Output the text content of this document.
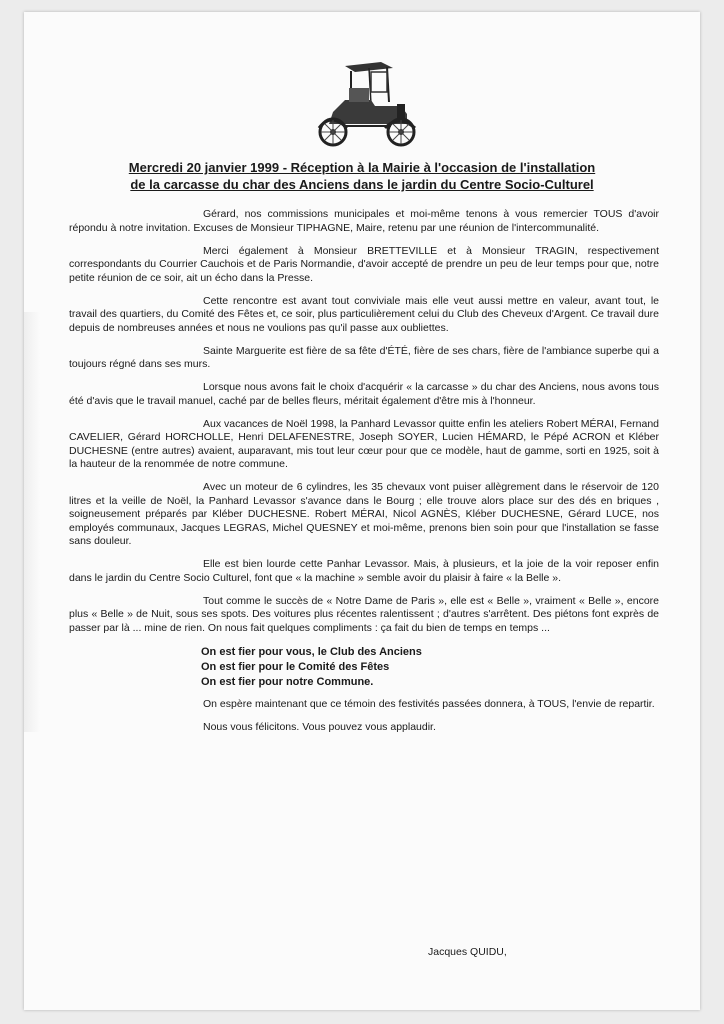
Mercredi 20 janvier 1999 - Réception à la Mairie à l'occasion de l'installation
de la carcasse du char des Anciens dans le jardin du Centre Socio-Culturel

Gérard, nos commissions municipales et moi-même tenons à vous remercier TOUS d'avoir répondu à notre invitation. Excuses de Monsieur TIPHAGNE, Maire, retenu par une réunion de l'intercommunalité.

Merci également à Monsieur BRETTEVILLE et à Monsieur TRAGIN, respectivement correspondants du Courrier Cauchois et de Paris Normandie, d'avoir accepté de prendre un peu de leur temps pour que, notre petite réunion de ce soir, ait un écho dans la Presse.

Cette rencontre est avant tout conviviale mais elle veut aussi mettre en valeur, avant tout, le travail des quartiers, du Comité des Fêtes et, ce soir, plus particulièrement celui du Club des Cheveux d'Argent. Ce travail dure depuis de nombreuses années et nous ne voulions pas qu'il passe aux oubliettes.

Sainte Marguerite est fière de sa fête d'ÉTÉ, fière de ses chars, fière de l'ambiance superbe qui a toujours régné dans ses murs.

Lorsque nous avons fait le choix d'acquérir « la carcasse » du char des Anciens, nous avons tous été d'avis que le travail manuel, caché par de belles fleurs, méritait également d'être mis à l'honneur.

Aux vacances de Noël 1998, la Panhard Levassor quitte enfin les ateliers Robert MÉRAI, Fernand CAVELIER, Gérard HORCHOLLE, Henri DELAFENESTRE, Joseph SOYER, Lucien HÉMARD, le Pépé ACRON et Kléber DUCHESNE (entre autres) avaient, auparavant, mis tout leur cœur pour que ce modèle, haut de gamme, sorti en 1925, soit à la hauteur de la renommée de notre commune.

Avec un moteur de 6 cylindres, les 35 chevaux vont puiser allègrement dans le réservoir de 120 litres et la veille de Noël, la Panhard Levassor s'avance dans le Bourg ; elle trouve alors place sur des dés en briques , soigneusement préparés par Kléber DUCHESNE. Robert MÉRAI, Nicol AGNÈS, Kléber DUCHESNE, Gérard LUCE, nos employés communaux, Jacques LEGRAS, Michel QUESNEY et moi-même, prenons bien soin pour que l'installation se fasse sans douleur.

Elle est bien lourde cette Panhar Levassor. Mais, à plusieurs, et la joie de la voir reposer enfin dans le jardin du Centre Socio Culturel, font que « la machine » semble avoir du plaisir à faire « la Belle ».

Tout comme le succès de « Notre Dame de Paris », elle est « Belle », vraiment « Belle », encore plus « Belle » de Nuit, sous ses spots. Des voitures plus récentes ralentissent ; d'autres s'arrêtent. Des piétons font exprès de passer par là ... mine de rien. On nous fait quelques compliments : ça fait du bien de temps en temps ...

On est fier pour vous, le Club des Anciens
On est fier pour le Comité des Fêtes
On est fier pour notre Commune.

On espère maintenant que ce témoin des festivités passées donnera, à TOUS, l'envie de repartir.

Nous vous félicitons. Vous pouvez vous applaudir.

Jacques QUIDU,
